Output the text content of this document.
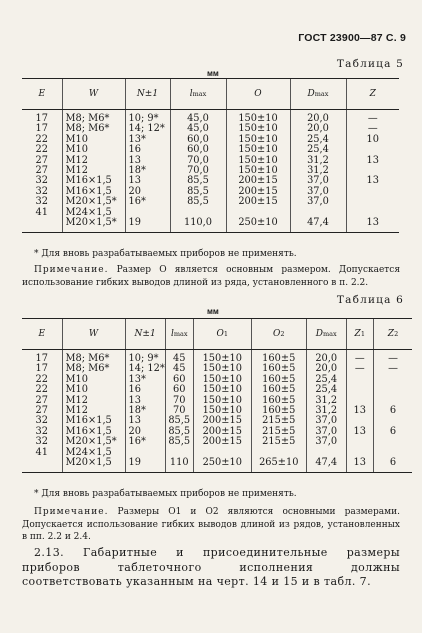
ГОСТ 23900—87 С. 9
Таблица 5
мм
E	W	N±1	lmax	O	Dmax	Z
17	M8; M6*	10; 9*	45,0	150±10	20,0	—
17	M8; M6*	14; 12*	45,0	150±10	20,0	—
22	M10	13*	60,0	150±10	25,4	10
22	M10	16	60,0	150±10	25,4	
27	M12	13	70,0	150±10	31,2	13
27	M12	18*	70,0	150±10	31,2	
32	M16×1,5	13	85,5	200±15	37,0	13
32	M16×1,5	20	85,5	200±15	37,0	
32	M20×1,5*	16*	85,5	200±15	37,0	
41	M24×1,5					
	M20×1,5*	19	110,0	250±10	47,4	13
* Для вновь разрабатываемых приборов не применять.
Примечание. Размер O является основным размером. Допускается использование гибких выводов длиной из ряда, установленного в п. 2.2.
Таблица 6
мм
E	W	N±1	lmax	O1	O2	Dmax	Z1	Z2
17	M8; M6*	10; 9*	45	150±10	160±5	20,0	—	—
17	M8; M6*	14; 12*	45	150±10	160±5	20,0	—	—
22	M10	13*	60	150±10	160±5	25,4		
22	M10	16	60	150±10	160±5	25,4		
27	M12	13	70	150±10	160±5	31,2		
27	M12	18*	70	150±10	160±5	31,2	13	6
32	M16×1,5	13	85,5	200±15	215±5	37,0		
32	M16×1,5	20	85,5	200±15	215±5	37,0	13	6
32	M20×1,5*	16*	85,5	200±15	215±5	37,0		
41	M24×1,5							
	M20×1,5	19	110	250±10	265±10	47,4	13	6
* Для вновь разрабатываемых приборов не применять.
Примечание. Размеры O1 и O2 являются основными размерами. Допускается использование гибких выводов длиной из рядов, установленных в пп. 2.2 и 2.4.
2.13. Габаритные и присоединительные размеры приборов таблеточного исполнения должны соответствовать указанным на черт. 14 и 15 и в табл. 7.
